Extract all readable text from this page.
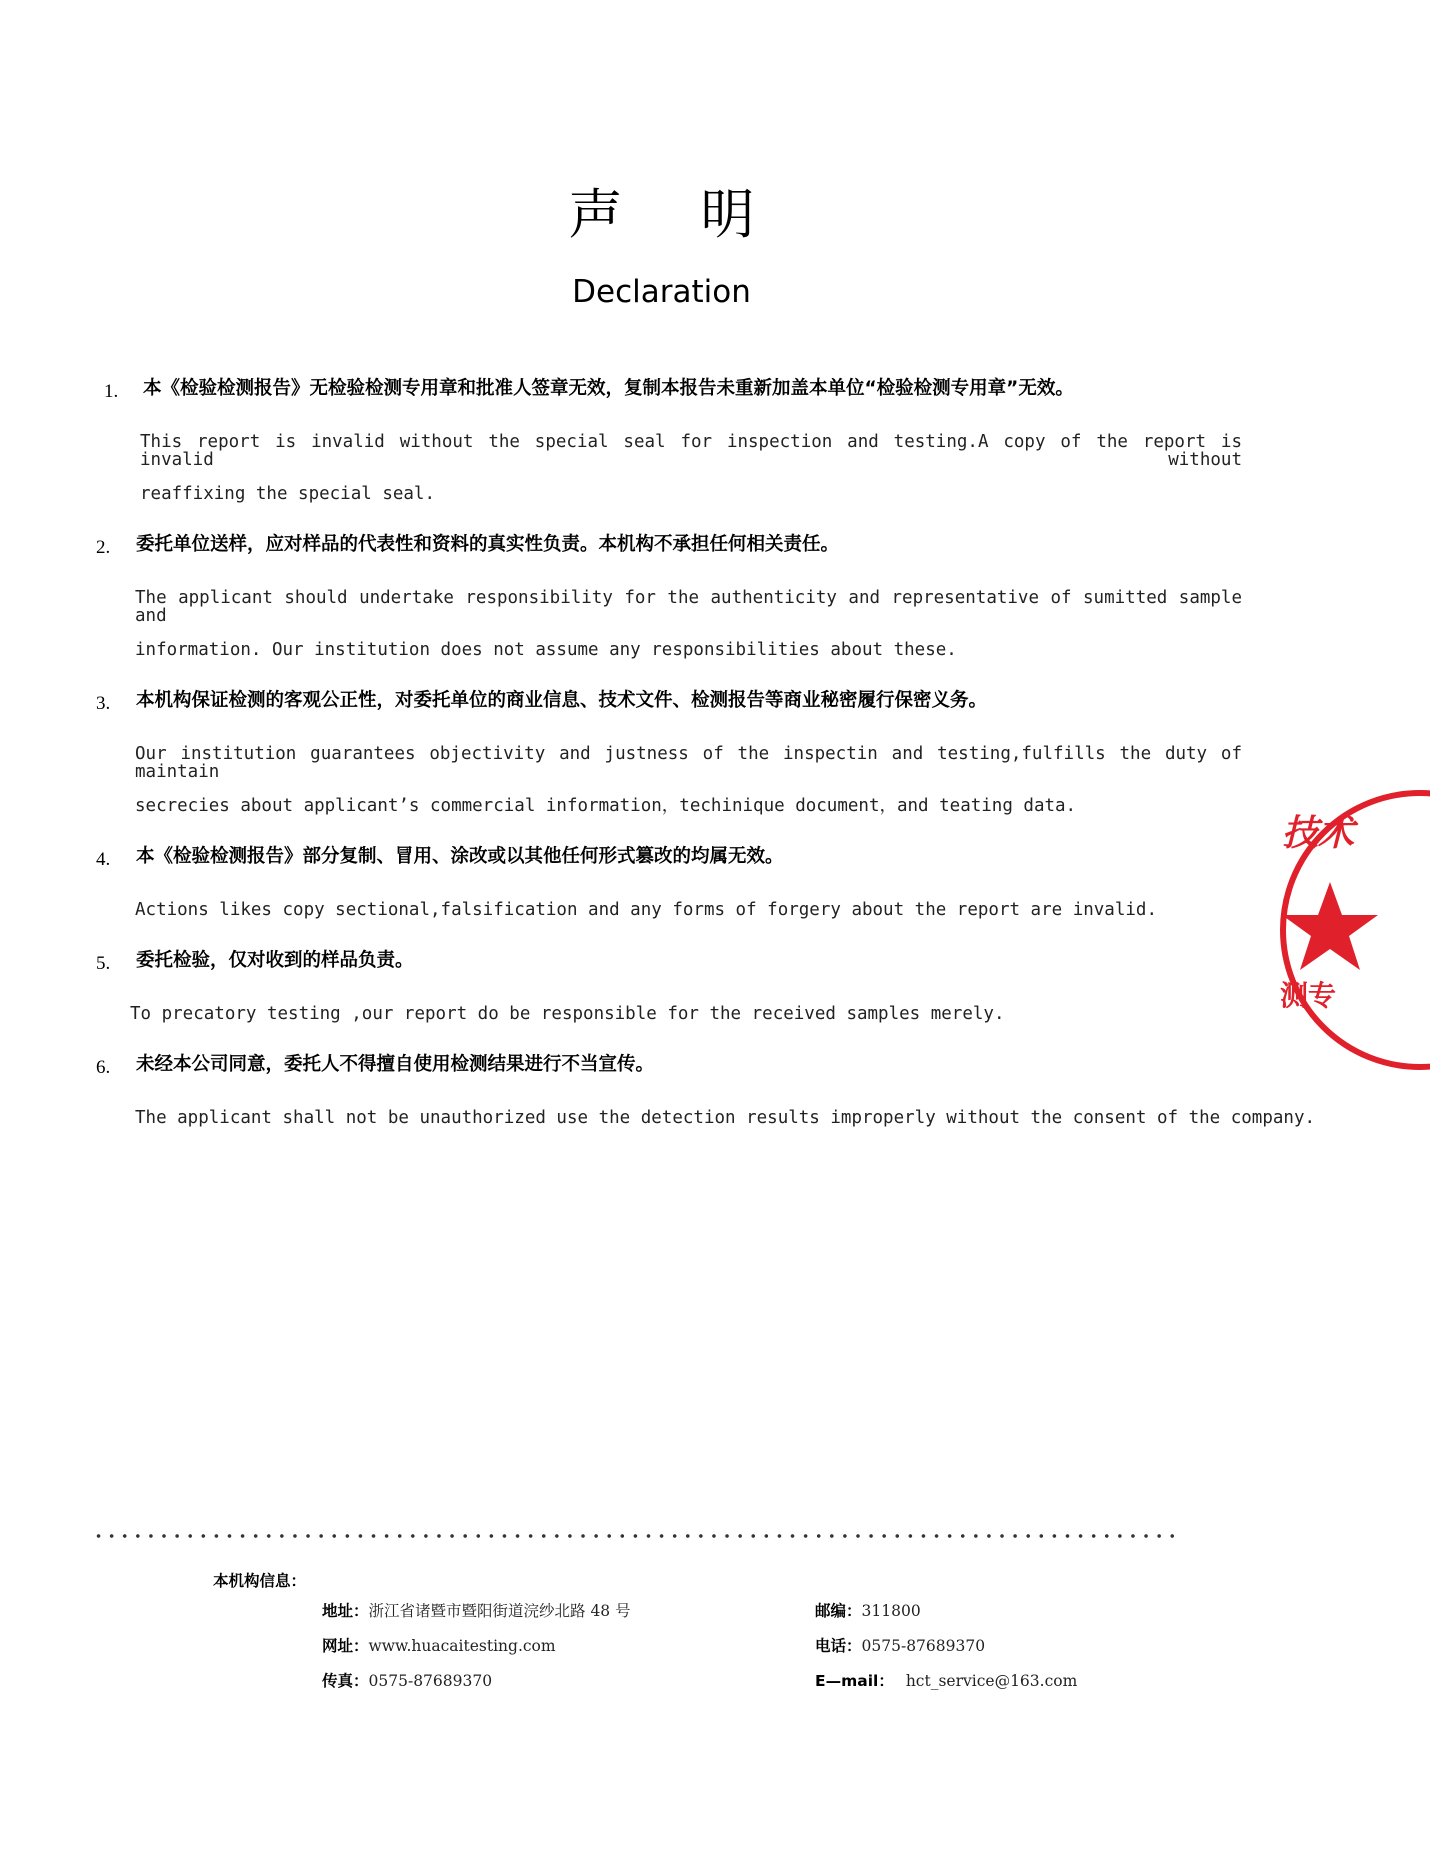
声 明
Declaration
1. 本《检验检测报告》无检验检测专用章和批准人签章无效，复制本报告未重新加盖本单位“检验检测专用章”无效。
This report is invalid without the special seal for inspection and testing.A copy of the report is invalid without
reaffixing the special seal.
2. 委托单位送样，应对样品的代表性和资料的真实性负责。本机构不承担任何相关责任。
The applicant should undertake responsibility for the authenticity and representative of sumitted sample and
information. Our institution does not assume any responsibilities about these.
3. 本机构保证检测的客观公正性，对委托单位的商业信息、技术文件、检测报告等商业秘密履行保密义务。
Our institution guarantees objectivity and justness of the inspectin and testing,fulfills the duty of maintain
secrecies about applicant’s commercial information，techinique document，and teating data.
4. 本《检验检测报告》部分复制、冒用、涂改或以其他任何形式篡改的均属无效。
Actions likes copy sectional,falsification and any forms of forgery about the report are invalid.
5. 委托检验，仅对收到的样品负责。
To precatory testing ,our report do be responsible for the received samples merely.
6. 未经本公司同意，委托人不得擅自使用检测结果进行不当宣传。
The applicant shall not be unauthorized use the detection results improperly without the consent of the company.
本机构信息：
地址：浙江省诸暨市暨阳街道浣纱北路 48 号	邮编：311800
网址：www.huacaitesting.com	电话：0575-87689370
传真：0575-87689370	E—mail： hct_service@163.com
技术
测专
